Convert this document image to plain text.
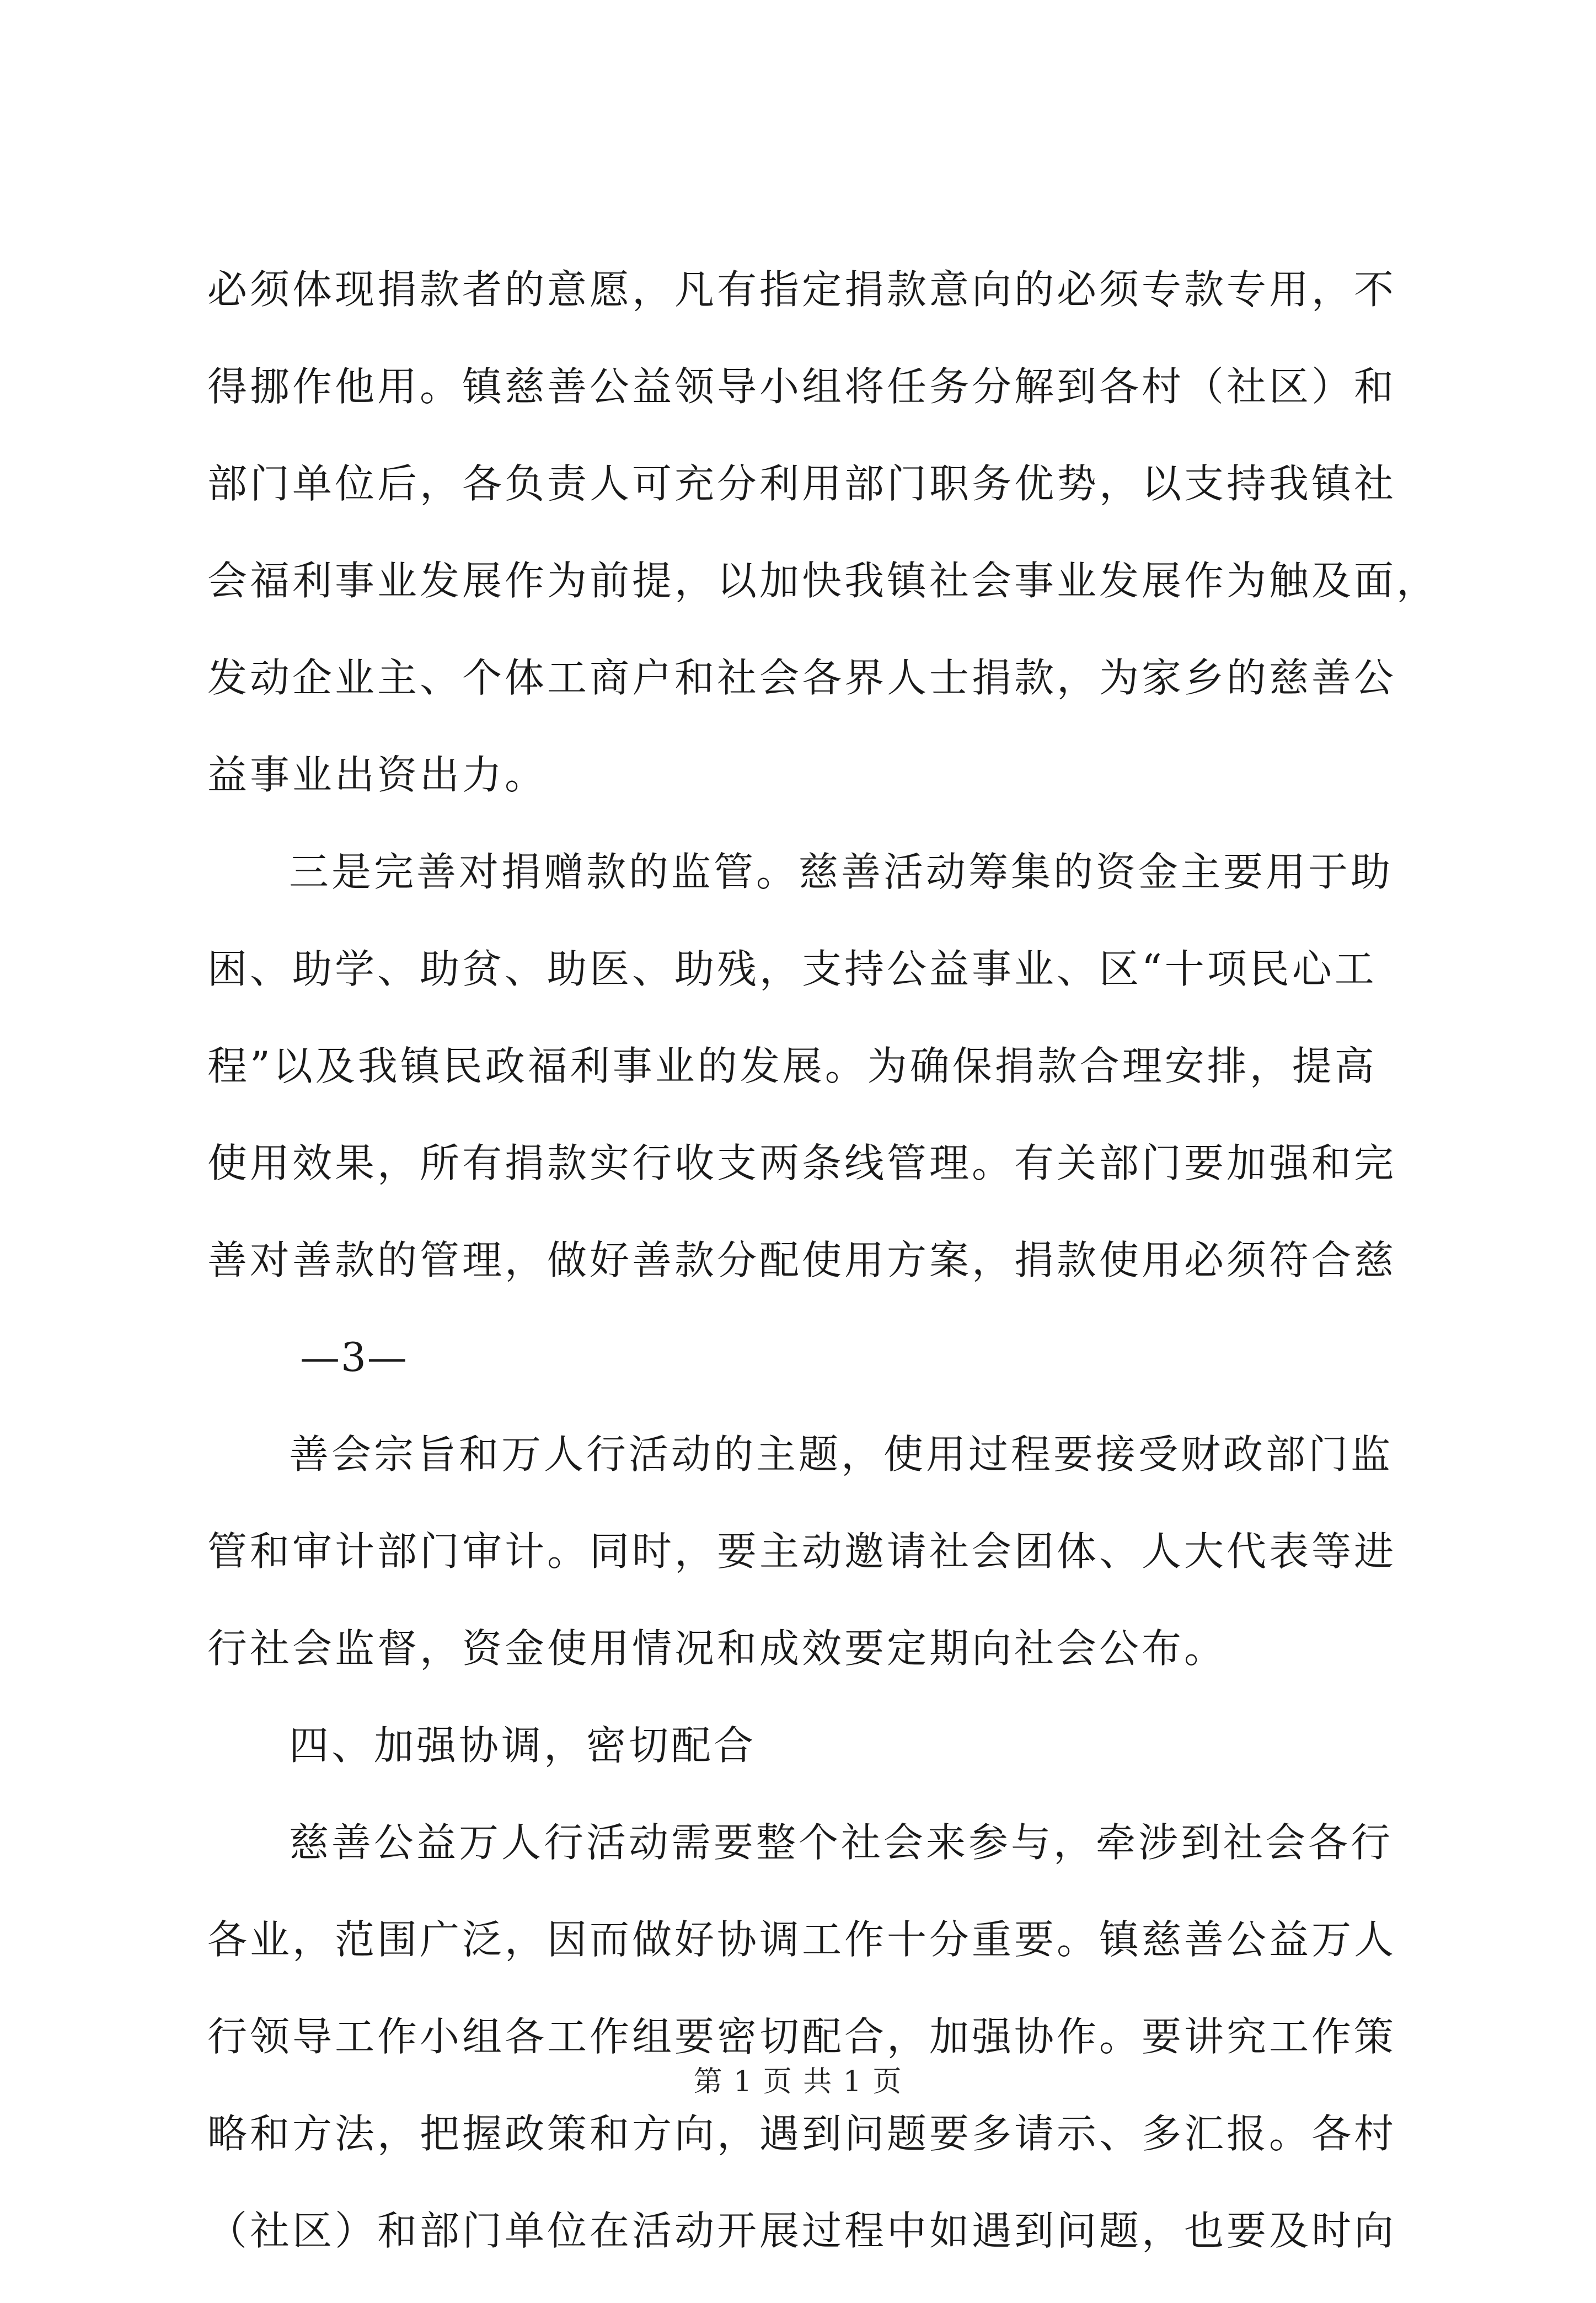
必须体现捐款者的意愿，凡有指定捐款意向的必须专款专用，不
得挪作他用。镇慈善公益领导小组将任务分解到各村（社区）和
部门单位后，各负责人可充分利用部门职务优势，以支持我镇社
会福利事业发展作为前提，以加快我镇社会事业发展作为触及面，
发动企业主、个体工商户和社会各界人士捐款，为家乡的慈善公
益事业出资出力。
三是完善对捐赠款的监管。慈善活动筹集的资金主要用于助
困、助学、助贫、助医、助残，支持公益事业、区“十项民心工
程”以及我镇民政福利事业的发展。为确保捐款合理安排，提高
使用效果，所有捐款实行收支两条线管理。有关部门要加强和完
善对善款的管理，做好善款分配使用方案，捐款使用必须符合慈
—3—
善会宗旨和万人行活动的主题，使用过程要接受财政部门监
管和审计部门审计。同时，要主动邀请社会团体、人大代表等进
行社会监督，资金使用情况和成效要定期向社会公布。
四、加强协调，密切配合
慈善公益万人行活动需要整个社会来参与，牵涉到社会各行
各业，范围广泛，因而做好协调工作十分重要。镇慈善公益万人
行领导工作小组各工作组要密切配合，加强协作。要讲究工作策
略和方法，把握政策和方向，遇到问题要多请示、多汇报。各村
（社区）和部门单位在活动开展过程中如遇到问题，也要及时向
第 1 页 共 1 页
